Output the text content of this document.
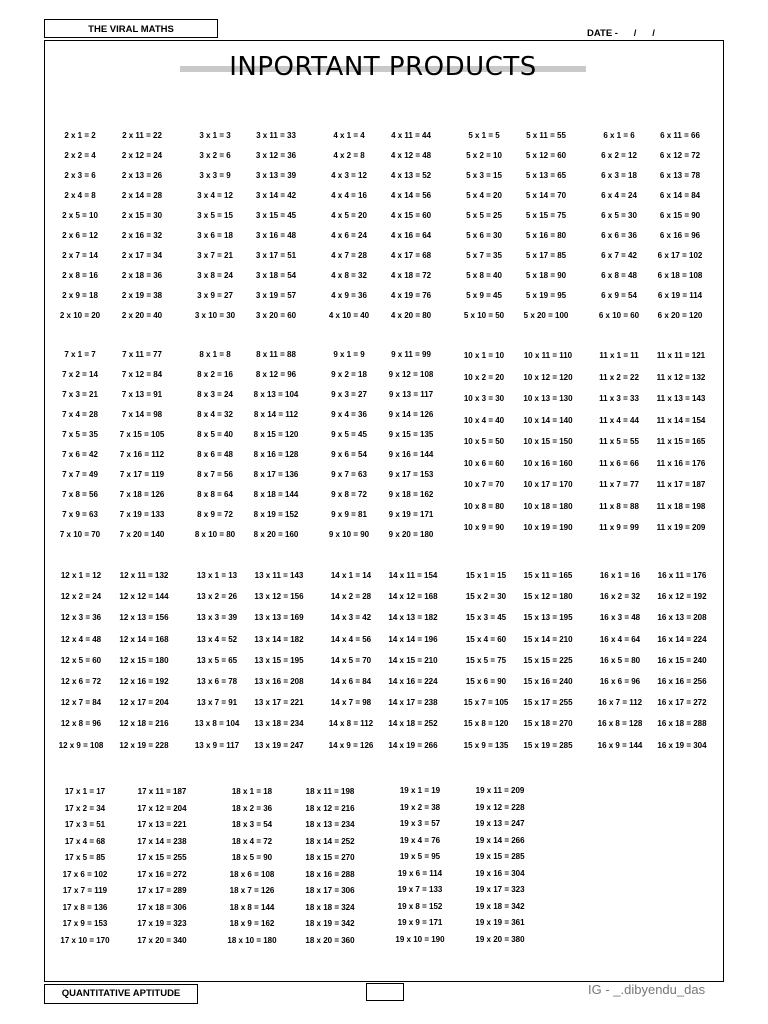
THE VIRAL MATHS	DATE -      /      /
INPORTANT PRODUCTS
QUANTITATIVE APTITUDE	IG - _.dibyendu_das
2 x 1 = 2
2 x 2 = 4
2 x 3 = 6
2 x 4 = 8
2 x 5 = 10
2 x 6 = 12
2 x 7 = 14
2 x 8 = 16
2 x 9 = 18
2 x 10 = 20
2 x 11 = 22
2 x 12 = 24
2 x 13 = 26
2 x 14 = 28
2 x 15 = 30
2 x 16 = 32
2 x 17 = 34
2 x 18 = 36
2 x 19 = 38
2 x 20 = 40
3 x 1 = 3
3 x 2 = 6
3 x 3 = 9
3 x 4 = 12
3 x 5 = 15
3 x 6 = 18
3 x 7 = 21
3 x 8 = 24
3 x 9 = 27
3 x 10 = 30
3 x 11 = 33
3 x 12 = 36
3 x 13 = 39
3 x 14 = 42
3 x 15 = 45
3 x 16 = 48
3 x 17 = 51
3 x 18 = 54
3 x 19 = 57
3 x 20 = 60
4 x 1 = 4
4 x 2 = 8
4 x 3 = 12
4 x 4 = 16
4 x 5 = 20
4 x 6 = 24
4 x 7 = 28
4 x 8 = 32
4 x 9 = 36
4 x 10 = 40
4 x 11 = 44
4 x 12 = 48
4 x 13 = 52
4 x 14 = 56
4 x 15 = 60
4 x 16 = 64
4 x 17 = 68
4 x 18 = 72
4 x 19 = 76
4 x 20 = 80
5 x 1 = 5
5 x 2 = 10
5 x 3 = 15
5 x 4 = 20
5 x 5 = 25
5 x 6 = 30
5 x 7 = 35
5 x 8 = 40
5 x 9 = 45
5 x 10 = 50
5 x 11 = 55
5 x 12 = 60
5 x 13 = 65
5 x 14 = 70
5 x 15 = 75
5 x 16 = 80
5 x 17 = 85
5 x 18 = 90
5 x 19 = 95
5 x 20 = 100
6 x 1 = 6
6 x 2 = 12
6 x 3 = 18
6 x 4 = 24
6 x 5 = 30
6 x 6 = 36
6 x 7 = 42
6 x 8 = 48
6 x 9 = 54
6 x 10 = 60
6 x 11 = 66
6 x 12 = 72
6 x 13 = 78
6 x 14 = 84
6 x 15 = 90
6 x 16 = 96
6 x 17 = 102
6 x 18 = 108
6 x 19 = 114
6 x 20 = 120
7 x 1 = 7
7 x 2 = 14
7 x 3 = 21
7 x 4 = 28
7 x 5 = 35
7 x 6 = 42
7 x 7 = 49
7 x 8 = 56
7 x 9 = 63
7 x 10 = 70
7 x 11 = 77
7 x 12 = 84
7 x 13 = 91
7 x 14 = 98
7 x 15 = 105
7 x 16 = 112
7 x 17 = 119
7 x 18 = 126
7 x 19 = 133
7 x 20 = 140
8 x 1 = 8
8 x 2 = 16
8 x 3 = 24
8 x 4 = 32
8 x 5 = 40
8 x 6 = 48
8 x 7 = 56
8 x 8 = 64
8 x 9 = 72
8 x 10 = 80
8 x 11 = 88
8 x 12 = 96
8 x 13 = 104
8 x 14 = 112
8 x 15 = 120
8 x 16 = 128
8 x 17 = 136
8 x 18 = 144
8 x 19 = 152
8 x 20 = 160
9 x 1 = 9
9 x 2 = 18
9 x 3 = 27
9 x 4 = 36
9 x 5 = 45
9 x 6 = 54
9 x 7 = 63
9 x 8 = 72
9 x 9 = 81
9 x 10 = 90
9 x 11 = 99
9 x 12 = 108
9 x 13 = 117
9 x 14 = 126
9 x 15 = 135
9 x 16 = 144
9 x 17 = 153
9 x 18 = 162
9 x 19 = 171
9 x 20 = 180
10 x 1 = 10
10 x 2 = 20
10 x 3 = 30
10 x 4 = 40
10 x 5 = 50
10 x 6 = 60
10 x 7 = 70
10 x 8 = 80
10 x 9 = 90
10 x 11 = 110
10 x 12 = 120
10 x 13 = 130
10 x 14 = 140
10 x 15 = 150
10 x 16 = 160
10 x 17 = 170
10 x 18 = 180
10 x 19 = 190
11 x 1 = 11
11 x 2 = 22
11 x 3 = 33
11 x 4 = 44
11 x 5 = 55
11 x 6 = 66
11 x 7 = 77
11 x 8 = 88
11 x 9 = 99
11 x 11 = 121
11 x 12 = 132
11 x 13 = 143
11 x 14 = 154
11 x 15 = 165
11 x 16 = 176
11 x 17 = 187
11 x 18 = 198
11 x 19 = 209
12 x 1 = 12
12 x 2 = 24
12 x 3 = 36
12 x 4 = 48
12 x 5 = 60
12 x 6 = 72
12 x 7 = 84
12 x 8 = 96
12 x 9 = 108
12 x 11 = 132
12 x 12 = 144
12 x 13 = 156
12 x 14 = 168
12 x 15 = 180
12 x 16 = 192
12 x 17 = 204
12 x 18 = 216
12 x 19 = 228
13 x 1 = 13
13 x 2 = 26
13 x 3 = 39
13 x 4 = 52
13 x 5 = 65
13 x 6 = 78
13 x 7 = 91
13 x 8 = 104
13 x 9 = 117
13 x 11 = 143
13 x 12 = 156
13 x 13 = 169
13 x 14 = 182
13 x 15 = 195
13 x 16 = 208
13 x 17 = 221
13 x 18 = 234
13 x 19 = 247
14 x 1 = 14
14 x 2 = 28
14 x 3 = 42
14 x 4 = 56
14 x 5 = 70
14 x 6 = 84
14 x 7 = 98
14 x 8 = 112
14 x 9 = 126
14 x 11 = 154
14 x 12 = 168
14 x 13 = 182
14 x 14 = 196
14 x 15 = 210
14 x 16 = 224
14 x 17 = 238
14 x 18 = 252
14 x 19 = 266
15 x 1 = 15
15 x 2 = 30
15 x 3 = 45
15 x 4 = 60
15 x 5 = 75
15 x 6 = 90
15 x 7 = 105
15 x 8 = 120
15 x 9 = 135
15 x 11 = 165
15 x 12 = 180
15 x 13 = 195
15 x 14 = 210
15 x 15 = 225
15 x 16 = 240
15 x 17 = 255
15 x 18 = 270
15 x 19 = 285
16 x 1 = 16
16 x 2 = 32
16 x 3 = 48
16 x 4 = 64
16 x 5 = 80
16 x 6 = 96
16 x 7 = 112
16 x 8 = 128
16 x 9 = 144
16 x 11 = 176
16 x 12 = 192
16 x 13 = 208
16 x 14 = 224
16 x 15 = 240
16 x 16 = 256
16 x 17 = 272
16 x 18 = 288
16 x 19 = 304
17 x 1 = 17
17 x 2 = 34
17 x 3 = 51
17 x 4 = 68
17 x 5 = 85
17 x 6 = 102
17 x 7 = 119
17 x 8 = 136
17 x 9 = 153
17 x 10 = 170
17 x 11 = 187
17 x 12 = 204
17 x 13 = 221
17 x 14 = 238
17 x 15 = 255
17 x 16 = 272
17 x 17 = 289
17 x 18 = 306
17 x 19 = 323
17 x 20 = 340
18 x 1 = 18
18 x 2 = 36
18 x 3 = 54
18 x 4 = 72
18 x 5 = 90
18 x 6 = 108
18 x 7 = 126
18 x 8 = 144
18 x 9 = 162
18 x 10 = 180
18 x 11 = 198
18 x 12 = 216
18 x 13 = 234
18 x 14 = 252
18 x 15 = 270
18 x 16 = 288
18 x 17 = 306
18 x 18 = 324
18 x 19 = 342
18 x 20 = 360
19 x 1 = 19
19 x 2 = 38
19 x 3 = 57
19 x 4 = 76
19 x 5 = 95
19 x 6 = 114
19 x 7 = 133
19 x 8 = 152
19 x 9 = 171
19 x 10 = 190
19 x 11 = 209
19 x 12 = 228
19 x 13 = 247
19 x 14 = 266
19 x 15 = 285
19 x 16 = 304
19 x 17 = 323
19 x 18 = 342
19 x 19 = 361
19 x 20 = 380
